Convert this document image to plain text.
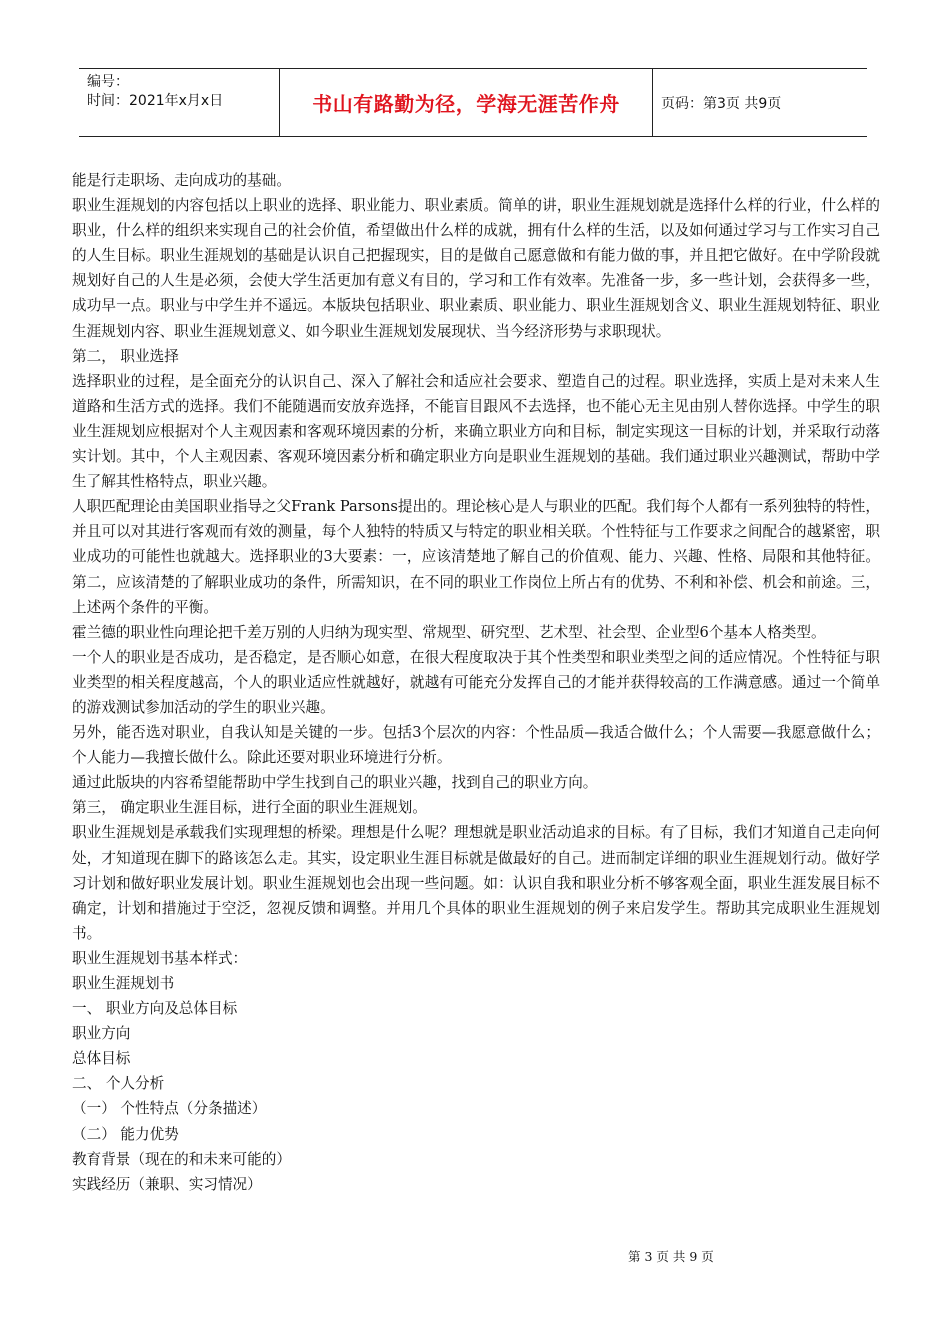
编号：
时间：2021年x月x日	书山有路勤为径，学海无涯苦作舟	页码：第3页 共9页

能是行走职场、走向成功的基础。

职业生涯规划的内容包括以上职业的选择、职业能力、职业素质。简单的讲，职业生涯规划就是选择什么样的行业，什么样的职业，什么样的组织来实现自己的社会价值，希望做出什么样的成就，拥有什么样的生活，以及如何通过学习与工作实习自己的人生目标。职业生涯规划的基础是认识自己把握现实，目的是做自己愿意做和有能力做的事，并且把它做好。在中学阶段就规划好自己的人生是必须，会使大学生活更加有意义有目的，学习和工作有效率。先准备一步，多一些计划，会获得多一些，成功早一点。职业与中学生并不遥远。本版块包括职业、职业素质、职业能力、职业生涯规划含义、职业生涯规划特征、职业生涯规划内容、职业生涯规划意义、如今职业生涯规划发展现状、当今经济形势与求职现状。

第二， 职业选择

选择职业的过程，是全面充分的认识自己、深入了解社会和适应社会要求、塑造自己的过程。职业选择，实质上是对未来人生道路和生活方式的选择。我们不能随遇而安放弃选择，不能盲目跟风不去选择，也不能心无主见由别人替你选择。中学生的职业生涯规划应根据对个人主观因素和客观环境因素的分析，来确立职业方向和目标，制定实现这一目标的计划，并采取行动落实计划。其中，个人主观因素、客观环境因素分析和确定职业方向是职业生涯规划的基础。我们通过职业兴趣测试，帮助中学生了解其性格特点，职业兴趣。

人职匹配理论由美国职业指导之父Frank Parsons提出的。理论核心是人与职业的匹配。我们每个人都有一系列独特的特性，并且可以对其进行客观而有效的测量，每个人独特的特质又与特定的职业相关联。个性特征与工作要求之间配合的越紧密，职业成功的可能性也就越大。选择职业的3大要素：一，应该清楚地了解自己的价值观、能力、兴趣、性格、局限和其他特征。第二，应该清楚的了解职业成功的条件，所需知识，在不同的职业工作岗位上所占有的优势、不利和补偿、机会和前途。三，上述两个条件的平衡。

霍兰德的职业性向理论把千差万别的人归纳为现实型、常规型、研究型、艺术型、社会型、企业型6个基本人格类型。

一个人的职业是否成功，是否稳定，是否顺心如意，在很大程度取决于其个性类型和职业类型之间的适应情况。个性特征与职业类型的相关程度越高，个人的职业适应性就越好，就越有可能充分发挥自己的才能并获得较高的工作满意感。通过一个简单的游戏测试参加活动的学生的职业兴趣。

另外，能否选对职业，自我认知是关键的一步。包括3个层次的内容：个性品质—我适合做什么；个人需要—我愿意做什么；个人能力—我擅长做什么。除此还要对职业环境进行分析。

通过此版块的内容希望能帮助中学生找到自己的职业兴趣，找到自己的职业方向。

第三， 确定职业生涯目标，进行全面的职业生涯规划。

职业生涯规划是承载我们实现理想的桥梁。理想是什么呢？理想就是职业活动追求的目标。有了目标，我们才知道自己走向何处，才知道现在脚下的路该怎么走。其实，设定职业生涯目标就是做最好的自己。进而制定详细的职业生涯规划行动。做好学习计划和做好职业发展计划。职业生涯规划也会出现一些问题。如：认识自我和职业分析不够客观全面，职业生涯发展目标不确定，计划和措施过于空泛，忽视反馈和调整。并用几个具体的职业生涯规划的例子来启发学生。帮助其完成职业生涯规划书。

职业生涯规划书基本样式：

职业生涯规划书

一、 职业方向及总体目标

职业方向

总体目标

二、 个人分析

（一） 个性特点（分条描述）

（二） 能力优势

教育背景（现在的和未来可能的）

实践经历（兼职、实习情况）

第 3 页 共 9 页
